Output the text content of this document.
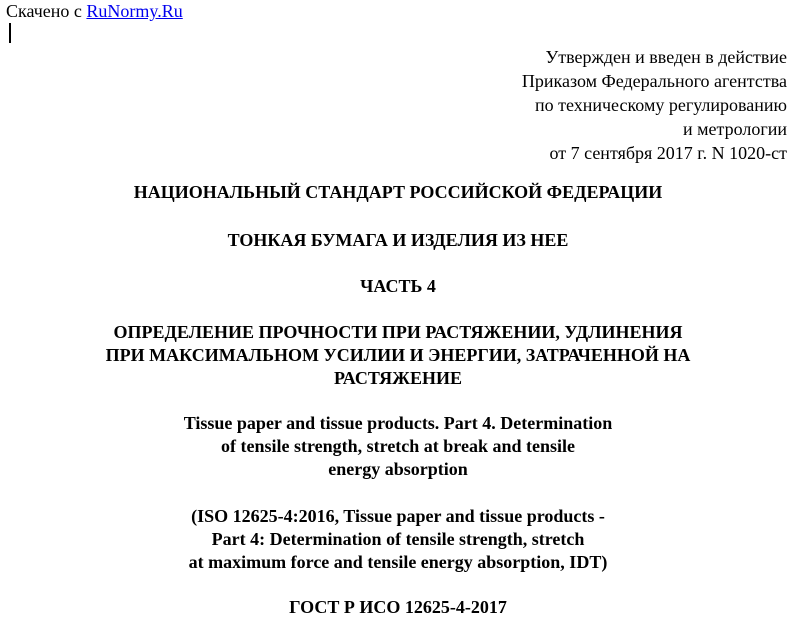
Скачено с RuNormy.Ru
Утвержден и введен в действие
Приказом Федерального агентства
по техническому регулированию
и метрологии
от 7 сентября 2017 г. N 1020-ст
НАЦИОНАЛЬНЫЙ СТАНДАРТ РОССИЙСКОЙ ФЕДЕРАЦИИ
ТОНКАЯ БУМАГА И ИЗДЕЛИЯ ИЗ НЕЕ
ЧАСТЬ 4
ОПРЕДЕЛЕНИЕ ПРОЧНОСТИ ПРИ РАСТЯЖЕНИИ, УДЛИНЕНИЯ
ПРИ МАКСИМАЛЬНОМ УСИЛИИ И ЭНЕРГИИ, ЗАТРАЧЕННОЙ НА
РАСТЯЖЕНИЕ
Tissue paper and tissue products. Part 4. Determination
of tensile strength, stretch at break and tensile
energy absorption
(ISO 12625-4:2016, Tissue paper and tissue products -
Part 4: Determination of tensile strength, stretch
at maximum force and tensile energy absorption, IDT)
ГОСТ Р ИСО 12625-4-2017
